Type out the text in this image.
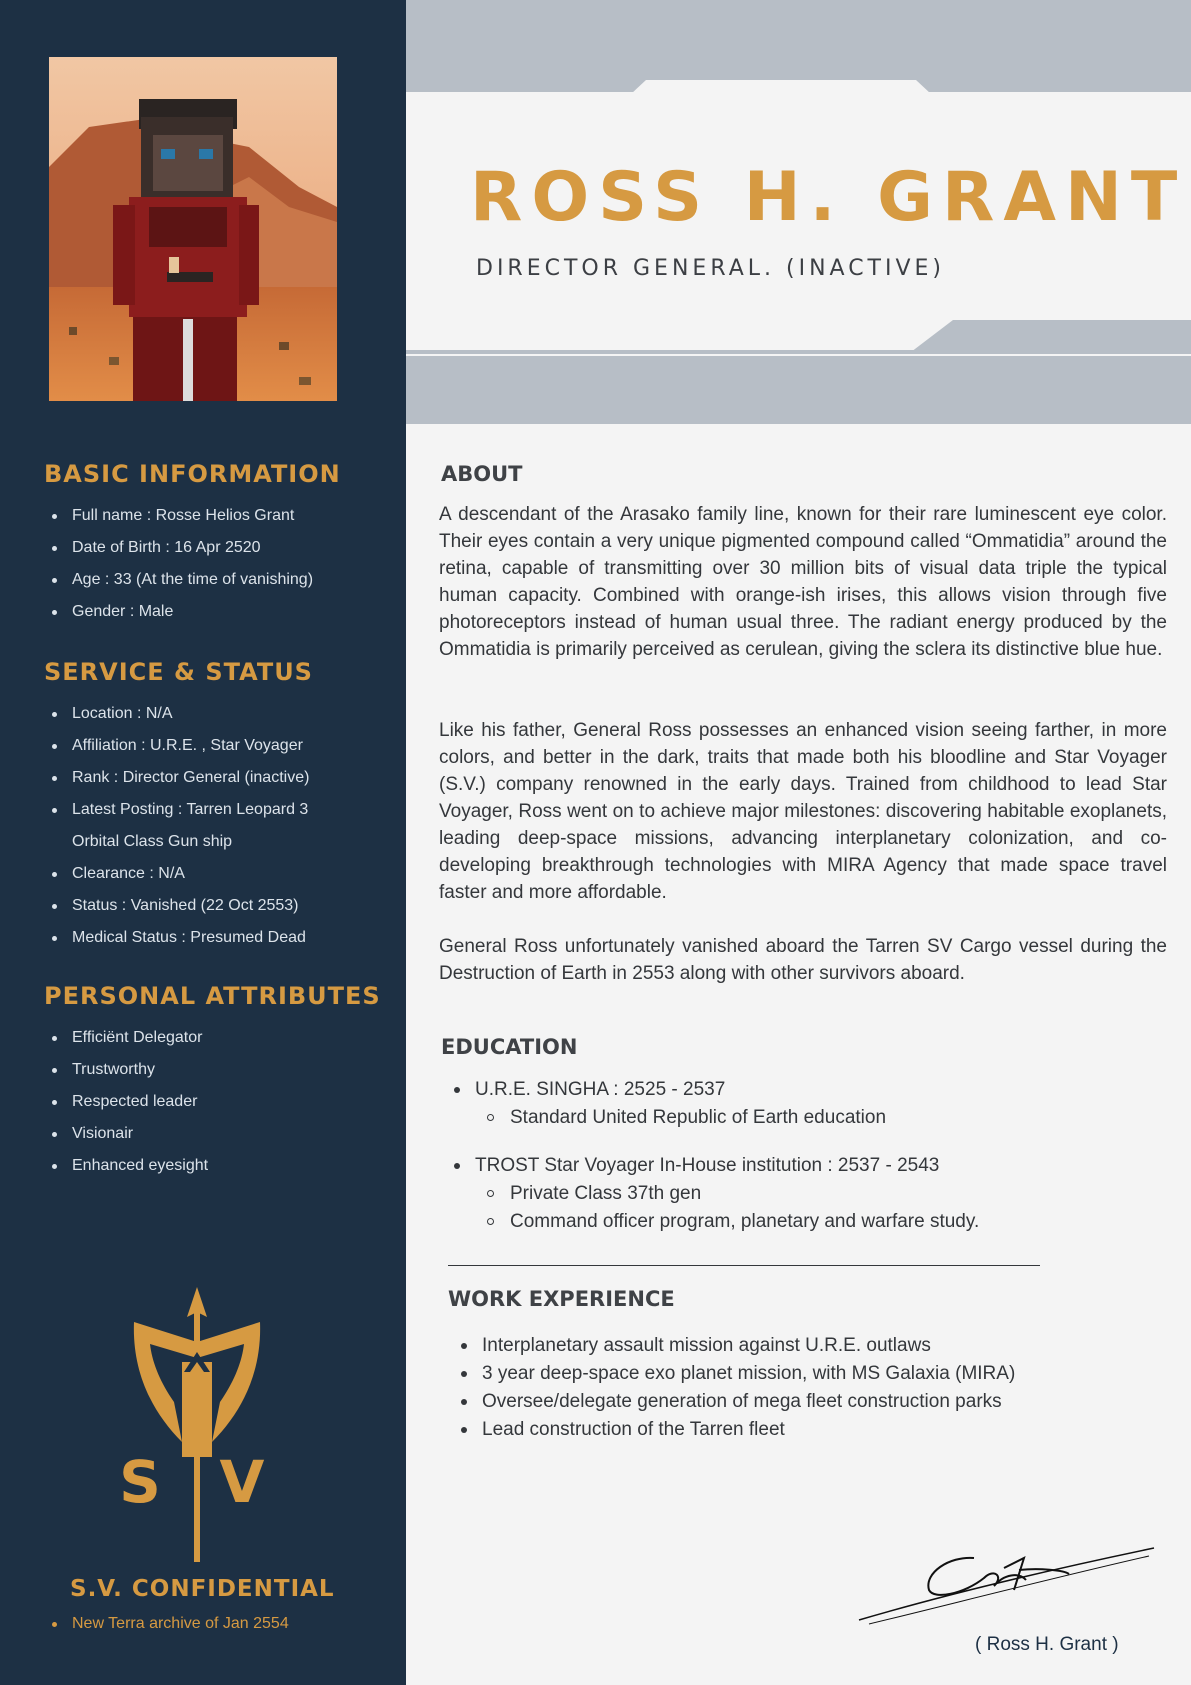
BASIC INFORMATION
Full name : Rosse Helios Grant
Date of Birth : 16 Apr 2520
Age : 33 (At the time of vanishing)
Gender : Male
SERVICE & STATUS
Location : N/A
Affiliation : U.R.E. , Star Voyager
Rank : Director General (inactive)
Latest Posting : Tarren Leopard 3
Orbital Class Gun ship
Clearance : N/A
Status : Vanished (22 Oct 2553)
Medical Status : Presumed Dead
PERSONAL ATTRIBUTES
Efficiënt Delegator
Trustworthy
Respected leader
Visionair
Enhanced eyesight
S V
S.V. CONFIDENTIAL
New Terra archive of Jan 2554
ROSS H. GRANT

DIRECTOR GENERAL. (INACTIVE)

ABOUT

A descendant of the Arasako family line, known for their rare luminescent eye color. Their eyes contain a very unique pigmented compound called “Ommatidia” around the retina, capable of transmitting over 30 million bits of visual data triple the typical human capacity. Combined with orange-ish irises, this allows vision through five photoreceptors instead of human usual three. The radiant energy produced by the Ommatidia is primarily perceived as cerulean, giving the sclera its distinctive blue hue.

Like his father, General Ross possesses an enhanced vision seeing farther, in more colors, and better in the dark, traits that made both his bloodline and Star Voyager (S.V.) company renowned in the early days. Trained from childhood to lead Star Voyager, Ross went on to achieve major milestones: discovering habitable exoplanets, leading deep-space missions, advancing interplanetary colonization, and co-developing breakthrough technologies with MIRA Agency that made space travel faster and more affordable.

General Ross unfortunately vanished aboard the Tarren SV Cargo vessel during the Destruction of Earth in 2553 along with other survivors aboard.

EDUCATION
U.R.E. SINGHA : 2525 - 2537
Standard United Republic of Earth education
TROST Star Voyager In-House institution : 2537 - 2543
Private Class 37th gen
Command officer program, planetary and warfare study.
WORK EXPERIENCE
Interplanetary assault mission against U.R.E. outlaws
3 year deep-space exo planet mission, with MS Galaxia (MIRA)
Oversee/delegate generation of mega fleet construction parks
Lead construction of the Tarren fleet

( Ross H. Grant )
